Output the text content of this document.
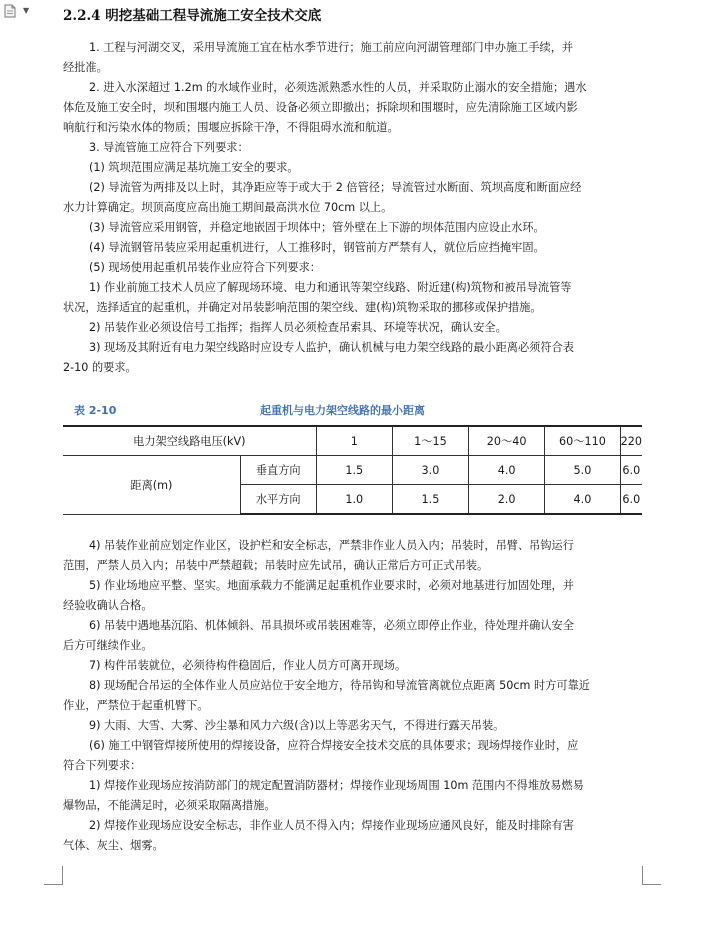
▼	2.2.4 明挖基础工程导流施工安全技术交底
1. 工程与河湖交叉，采用导流施工宜在枯水季节进行；施工前应向河湖管理部门申办施工手续，并
经批准。
2. 进入水深超过 1.2m 的水域作业时，必须选派熟悉水性的人员，并采取防止溺水的安全措施；遇水
体危及施工安全时，坝和围堰内施工人员、设备必须立即撤出；拆除坝和围堰时，应先清除施工区域内影
响航行和污染水体的物质；围堰应拆除干净，不得阻碍水流和航道。
3. 导流管施工应符合下列要求：
(1) 筑坝范围应满足基坑施工安全的要求。
(2) 导流管为两排及以上时，其净距应等于或大于 2 倍管径；导流管过水断面、筑坝高度和断面应经
水力计算确定。坝顶高度应高出施工期间最高洪水位 70cm 以上。
(3) 导流管应采用钢管，并稳定地嵌固于坝体中；管外壁在上下游的坝体范围内应设止水环。
(4) 导流钢管吊装应采用起重机进行，人工推移时，钢管前方严禁有人，就位后应挡掩牢固。
(5) 现场使用起重机吊装作业应符合下列要求：
1) 作业前施工技术人员应了解现场环境、电力和通讯等架空线路、附近建(构)筑物和被吊导流管等
状况，选择适宜的起重机，并确定对吊装影响范围的架空线、建(构)筑物采取的挪移或保护措施。
2) 吊装作业必须设信号工指挥；指挥人员必须检查吊索具、环境等状况，确认安全。
3) 现场及其附近有电力架空线路时应设专人监护，确认机械与电力架空线路的最小距离必须符合表
2-10 的要求。
表 2-10	起重机与电力架空线路的最小距离
电力架空线路电压(kV)		1	1～15	20～40	60～110	220
距离(m)	垂直方向	1.5	3.0	4.0	5.0	6.0
	水平方向	1.0	1.5	2.0	4.0	6.0
4) 吊装作业前应划定作业区，设护栏和安全标志，严禁非作业人员入内；吊装时，吊臂、吊钩运行
范围，严禁人员入内；吊装中严禁超载；吊装时应先试吊，确认正常后方可正式吊装。
5) 作业场地应平整、坚实。地面承载力不能满足起重机作业要求时，必须对地基进行加固处理，并
经验收确认合格。
6) 吊装中遇地基沉陷、机体倾斜、吊具损坏或吊装困难等，必须立即停止作业，待处理并确认安全
后方可继续作业。
7) 构件吊装就位，必须待构件稳固后，作业人员方可离开现场。
8) 现场配合吊运的全体作业人员应站位于安全地方，待吊钩和导流管离就位点距离 50cm 时方可靠近
作业，严禁位于起重机臂下。
9) 大雨、大雪、大雾、沙尘暴和风力六级(含)以上等恶劣天气，不得进行露天吊装。
(6) 施工中钢管焊接所使用的焊接设备，应符合焊接安全技术交底的具体要求；现场焊接作业时，应
符合下列要求：
1) 焊接作业现场应按消防部门的规定配置消防器材；焊接作业现场周围 10m 范围内不得堆放易燃易
爆物品，不能满足时，必须采取隔离措施。
2) 焊接作业现场应设安全标志，非作业人员不得入内；焊接作业现场应通风良好，能及时排除有害
气体、灰尘、烟雾。
